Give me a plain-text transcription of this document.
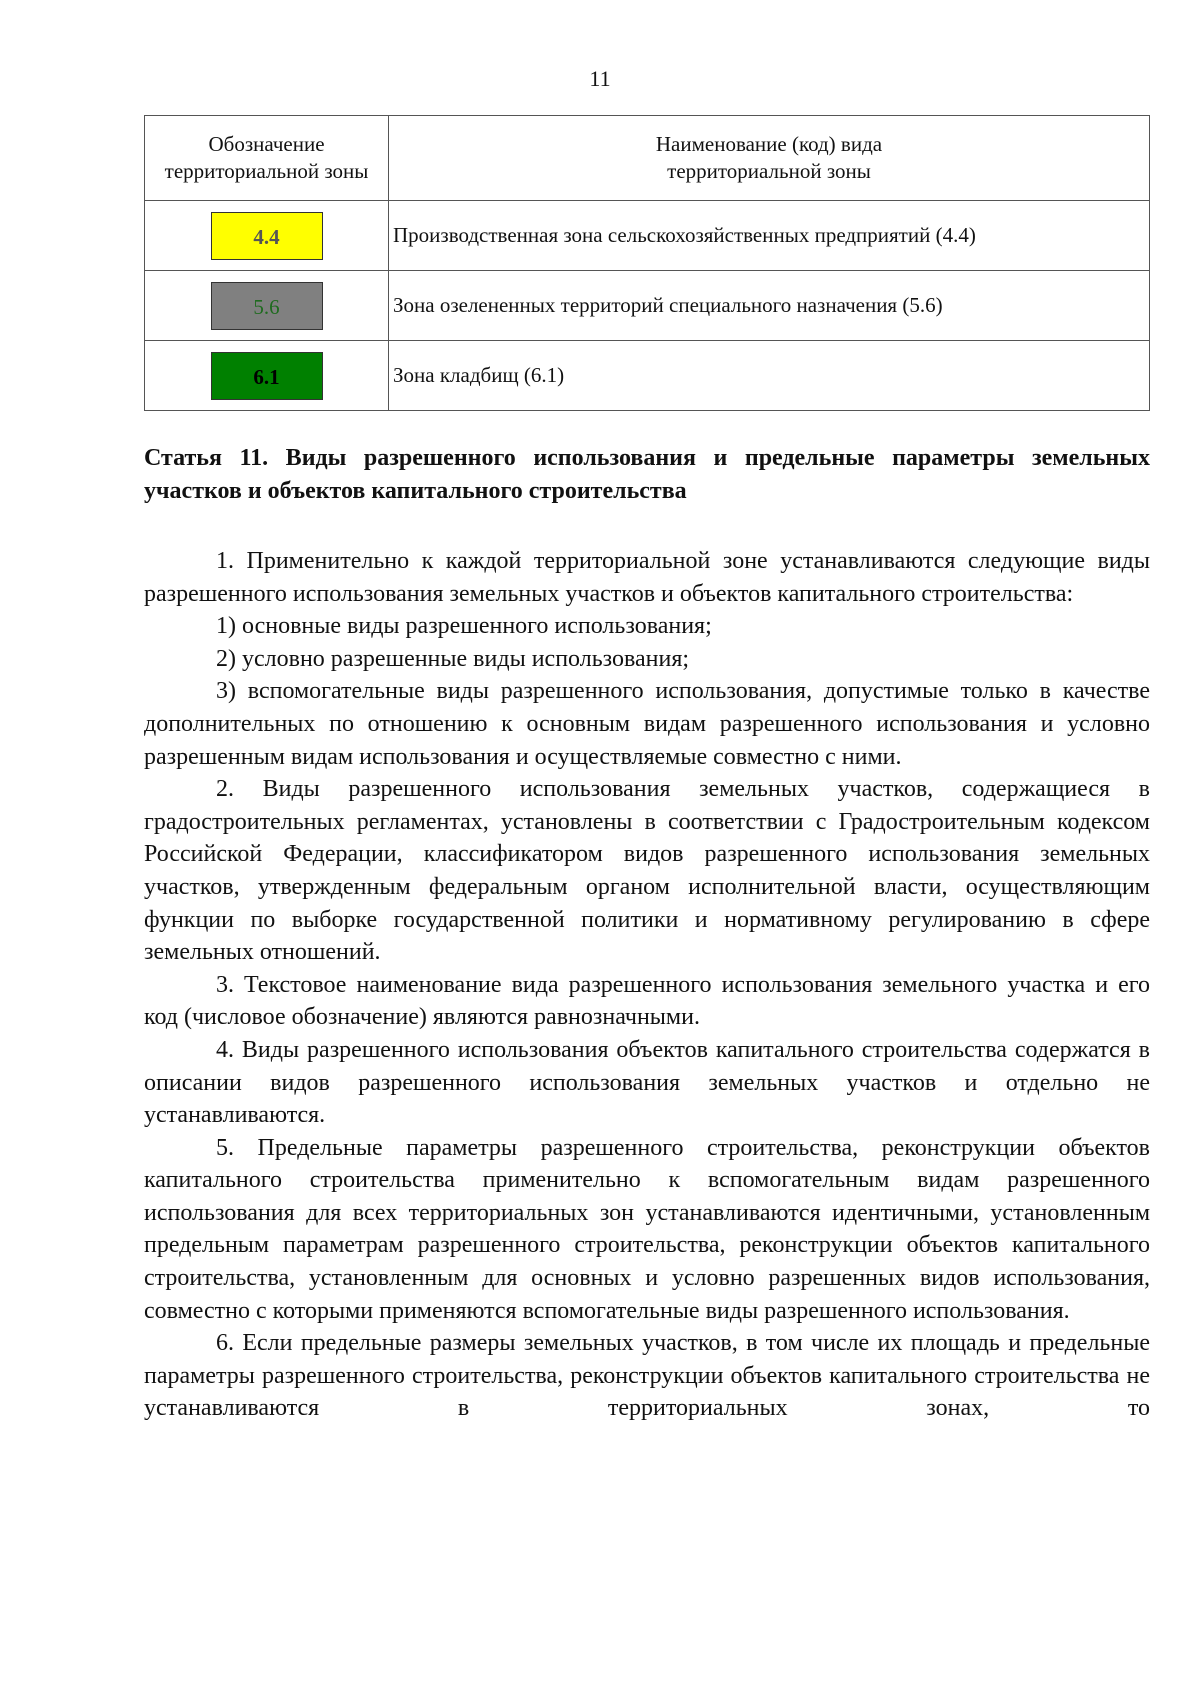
11
Обозначение территориальной зоны	Наименование (код) вида территориальной зоны
4.4	Производственная зона сельскохозяйственных предприятий (4.4)
5.6	Зона озелененных территорий специального назначения (5.6)
6.1	Зона кладбищ (6.1)
Статья 11. Виды разрешенного использования и предельные параметры земельных участков и объектов капитального строительства

1. Применительно к каждой территориальной зоне устанавливаются следующие виды разрешенного использования земельных участков и объектов капитального строительства:

1) основные виды разрешенного использования;

2) условно разрешенные виды использования;

3) вспомогательные виды разрешенного использования, допустимые только в качестве дополнительных по отношению к основным видам разрешенного использования и условно разрешенным видам использования и осуществляемые совместно с ними.

2. Виды разрешенного использования земельных участков, содержащиеся в градостроительных регламентах, установлены в соответствии с Градостроительным кодексом Российской Федерации, классификатором видов разрешенного использования земельных участков, утвержденным федеральным органом исполнительной власти, осуществляющим функции по выборке государственной политики и нормативному регулированию в сфере земельных отношений.

3. Текстовое наименование вида разрешенного использования земельного участка и его код (числовое обозначение) являются равнозначными.

4. Виды разрешенного использования объектов капитального строительства содержатся в описании видов разрешенного использования земельных участков и отдельно не устанавливаются.

5. Предельные параметры разрешенного строительства, реконструкции объектов капитального строительства применительно к вспомогательным видам разрешенного использования для всех территориальных зон устанавливаются идентичными, установленным предельным параметрам разрешенного строительства, реконструкции объектов капитального строительства, установленным для основных и условно разрешенных видов использования, совместно с которыми применяются вспомогательные виды разрешенного использования.

6. Если предельные размеры земельных участков, в том числе их площадь и предельные параметры разрешенного строительства, реконструкции объектов капитального строительства не устанавливаются в территориальных зонах, то
